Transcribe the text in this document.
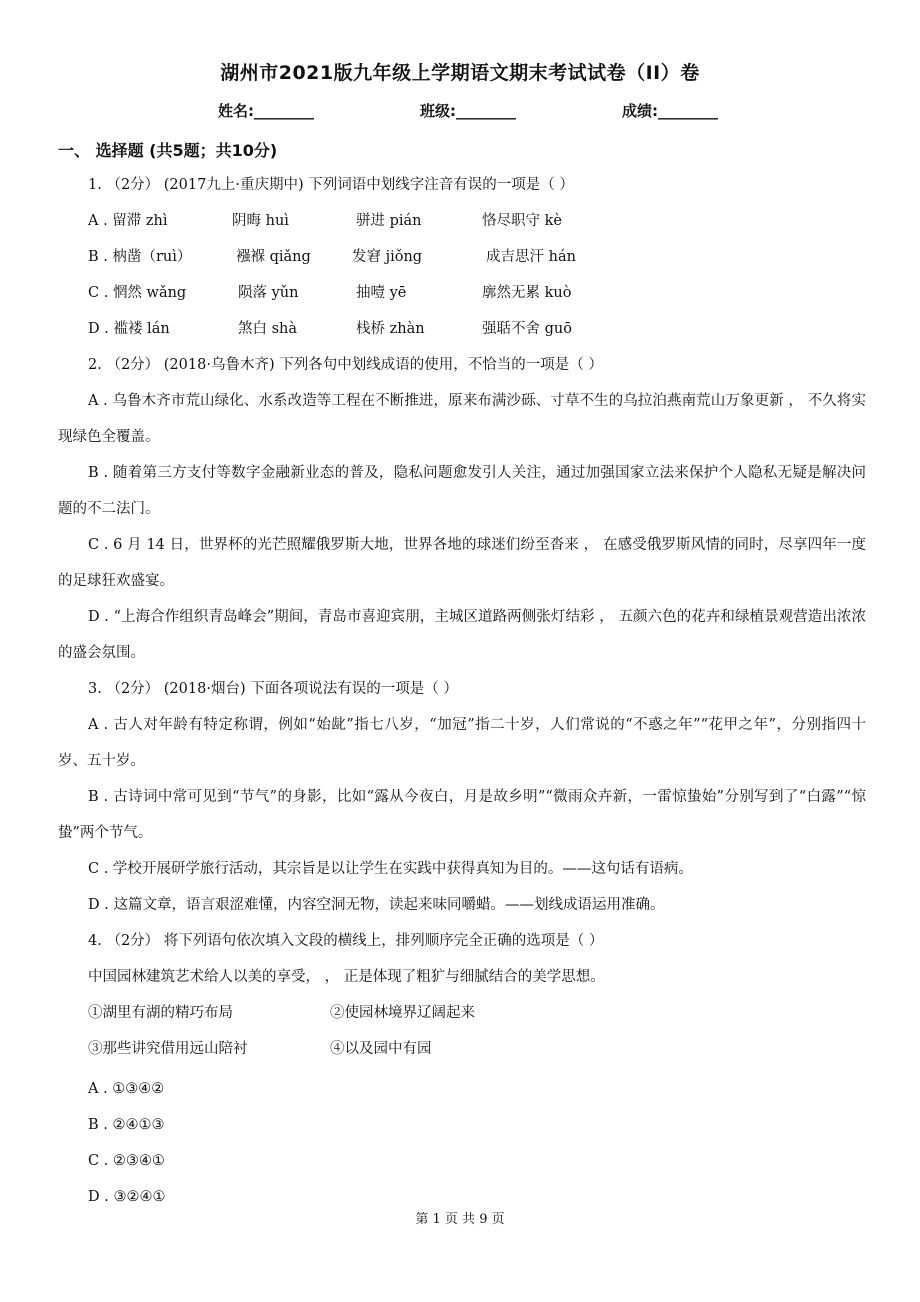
湖州市2021版九年级上学期语文期末考试试卷（II）卷
姓名:________	班级:________	成绩:________
一、 选择题 (共5题；共10分)
1. （2分） (2017九上·重庆期中) 下列词语中划线字注音有误的一项是（ ）
A . 留滞 zhì	阴晦 huì	骈进 pián	恪尽职守 kè
B . 枘凿（ruì）	襁褓 qiǎng	发窘 jiǒng	成吉思汗 hán
C . 惘然 wǎng	陨落 yǔn	抽噎 yē	廓然无累 kuò
D . 褴褛 lán	煞白 shà	栈桥 zhàn	强聒不舍 guō
2. （2分） (2018·乌鲁木齐) 下列各句中划线成语的使用，不恰当的一项是（ ）
A . 乌鲁木齐市荒山绿化、水系改造等工程在不断推进，原来布满沙砾、寸草不生的乌拉泊燕南荒山万象更新 ， 不久将实现绿色全覆盖。
B . 随着第三方支付等数字金融新业态的普及，隐私问题愈发引人关注，通过加强国家立法来保护个人隐私无疑是解决问题的不二法门。
C . 6 月 14 日，世界杯的光芒照耀俄罗斯大地，世界各地的球迷们纷至沓来 ， 在感受俄罗斯风情的同时，尽享四年一度的足球狂欢盛宴。
D . “上海合作组织青岛峰会”期间，青岛市喜迎宾朋，主城区道路两侧张灯结彩 ， 五颜六色的花卉和绿植景观营造出浓浓的盛会氛围。
3. （2分） (2018·烟台) 下面各项说法有误的一项是（ ）
A . 古人对年龄有特定称谓，例如“始龀”指七八岁，“加冠”指二十岁，人们常说的“不惑之年”“花甲之年”，分别指四十岁、五十岁。
B . 古诗词中常可见到“节气”的身影，比如“露从今夜白，月是故乡明”“微雨众卉新，一雷惊蛰始”分别写到了“白露”“惊蛰”两个节气。
C . 学校开展研学旅行活动，其宗旨是以让学生在实践中获得真知为目的。——这句话有语病。
D . 这篇文章，语言艰涩难懂，内容空洞无物，读起来味同嚼蜡。——划线成语运用准确。
4. （2分） 将下列语句依次填入文段的横线上，排列顺序完全正确的选项是（ ）
中国园林建筑艺术给人以美的享受， ， 正是体现了粗犷与细腻结合的美学思想。
①湖里有湖的精巧布局	②使园林境界辽阔起来
③那些讲究借用远山陪衬	④以及园中有园
A . ①③④②
B . ②④①③
C . ②③④①
D . ③②④①
第 1 页 共 9 页
